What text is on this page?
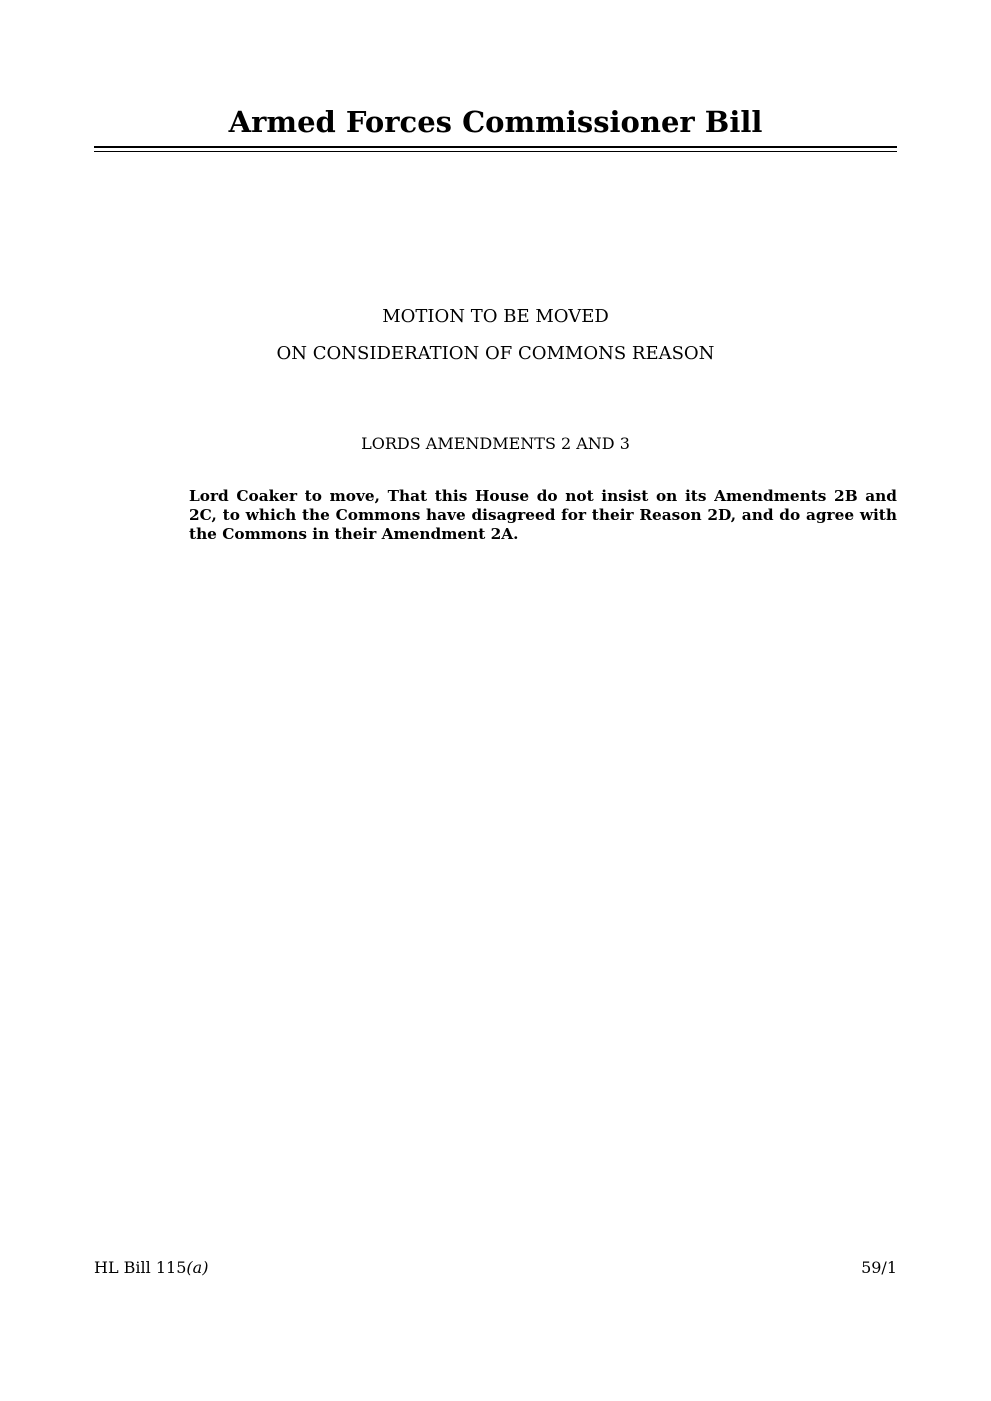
Armed Forces Commissioner Bill
MOTION TO BE MOVED
ON CONSIDERATION OF COMMONS REASON
LORDS AMENDMENTS 2 AND 3
Lord Coaker to move, That this House do not insist on its Amendments 2B and 2C, to which the Commons have disagreed for their Reason 2D, and do agree with the Commons in their Amendment 2A.
HL Bill 115(a)	59/1
